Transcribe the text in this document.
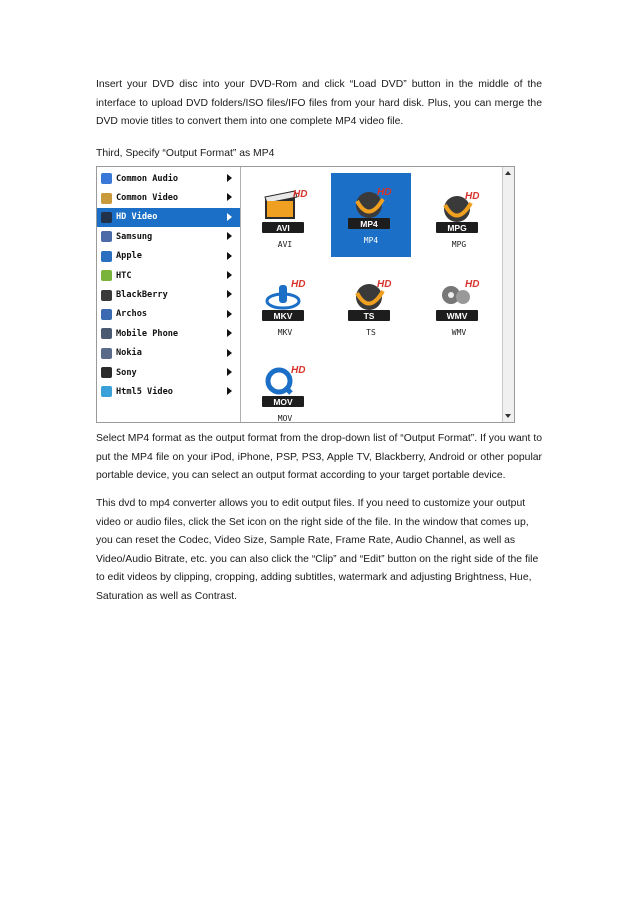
Insert your DVD disc into your DVD-Rom and click “Load DVD” button in the middle of the interface to upload DVD folders/ISO files/IFO files from your hard disk. Plus, you can merge the DVD movie titles to convert them into one complete MP4 video file.

Third, Specify “Output Format” as MP4

Common Audio
Common Video
HD Video
Samsung
Apple
HTC
BlackBerry
Archos
Mobile Phone
Nokia
Sony
Html5 Video
HD
AVI
AVI
HD
MP4
MP4
HD
MPG
MPG
HD
MKV
MKV
HD
TS
TS
HD
WMV
WMV
HD
MOV
MOV

Select MP4 format as the output format from the drop-down list of “Output Format”. If you want to put the MP4 file on your iPod, iPhone, PSP, PS3, Apple TV, Blackberry, Android or other popular portable device, you can select an output format according to your target portable device.

This dvd to mp4 converter allows you to edit output files. If you need to customize your output video or audio files, click the Set icon on the right side of the file. In the window that comes up, you can reset the Codec, Video Size, Sample Rate, Frame Rate, Audio Channel, as well as Video/Audio Bitrate, etc. you can also click the “Clip” and “Edit” button on the right side of the file to edit videos by clipping, cropping, adding subtitles, watermark and adjusting Brightness, Hue, Saturation as well as Contrast.
